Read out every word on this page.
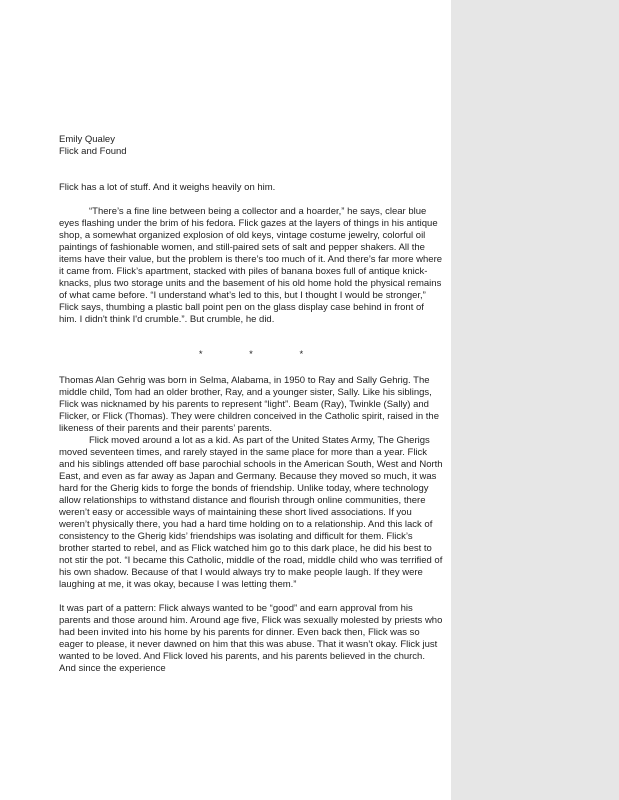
Emily Qualey

Flick and Found

Flick has a lot of stuff. And it weighs heavily on him.

“There’s a fine line between being a collector and a hoarder,” he says, clear blue eyes flashing under the brim of his fedora. Flick gazes at the layers of things in his antique shop, a somewhat organized explosion of old keys, vintage costume jewelry, colorful oil paintings of fashionable women, and still-paired sets of salt and pepper shakers. All the items have their value, but the problem is there’s too much of it. And there’s far more where it came from. Flick’s apartment, stacked with piles of banana boxes full of antique knick-knacks, plus two storage units and the basement of his old home hold the physical remains of what came before. “I understand what’s led to this, but I thought I would be stronger,” Flick says, thumbing a plastic ball point pen on the glass display case behind in front of him. I didn't think I'd crumble.”. But crumble, he did.

* * *

Thomas Alan Gehrig was born in Selma, Alabama, in 1950 to Ray and Sally Gehrig. The middle child, Tom had an older brother, Ray, and a younger sister, Sally. Like his siblings, Flick was nicknamed by his parents to represent “light”. Beam (Ray), Twinkle (Sally) and Flicker, or Flick (Thomas). They were children conceived in the Catholic spirit, raised in the likeness of their parents and their parents’ parents.

Flick moved around a lot as a kid. As part of the United States Army, The Gherigs moved seventeen times, and rarely stayed in the same place for more than a year. Flick and his siblings attended off base parochial schools in the American South, West and North East, and even as far away as Japan and Germany. Because they moved so much, it was hard for the Gherig kids to forge the bonds of friendship. Unlike today, where technology allow relationships to withstand distance and flourish through online communities, there weren’t easy or accessible ways of maintaining these short lived associations. If you weren’t physically there, you had a hard time holding on to a relationship. And this lack of consistency to the Gherig kids’ friendships was isolating and difficult for them. Flick’s brother started to rebel, and as Flick watched him go to this dark place, he did his best to not stir the pot. “I became this Catholic, middle of the road, middle child who was terrified of his own shadow. Because of that I would always try to make people laugh. If they were laughing at me, it was okay, because I was letting them.”

It was part of a pattern: Flick always wanted to be “good” and earn approval from his parents and those around him. Around age five, Flick was sexually molested by priests who had been invited into his home by his parents for dinner. Even back then, Flick was so eager to please, it never dawned on him that this was abuse. That it wasn’t okay. Flick just wanted to be loved. And Flick loved his parents, and his parents believed in the church. And since the experience
